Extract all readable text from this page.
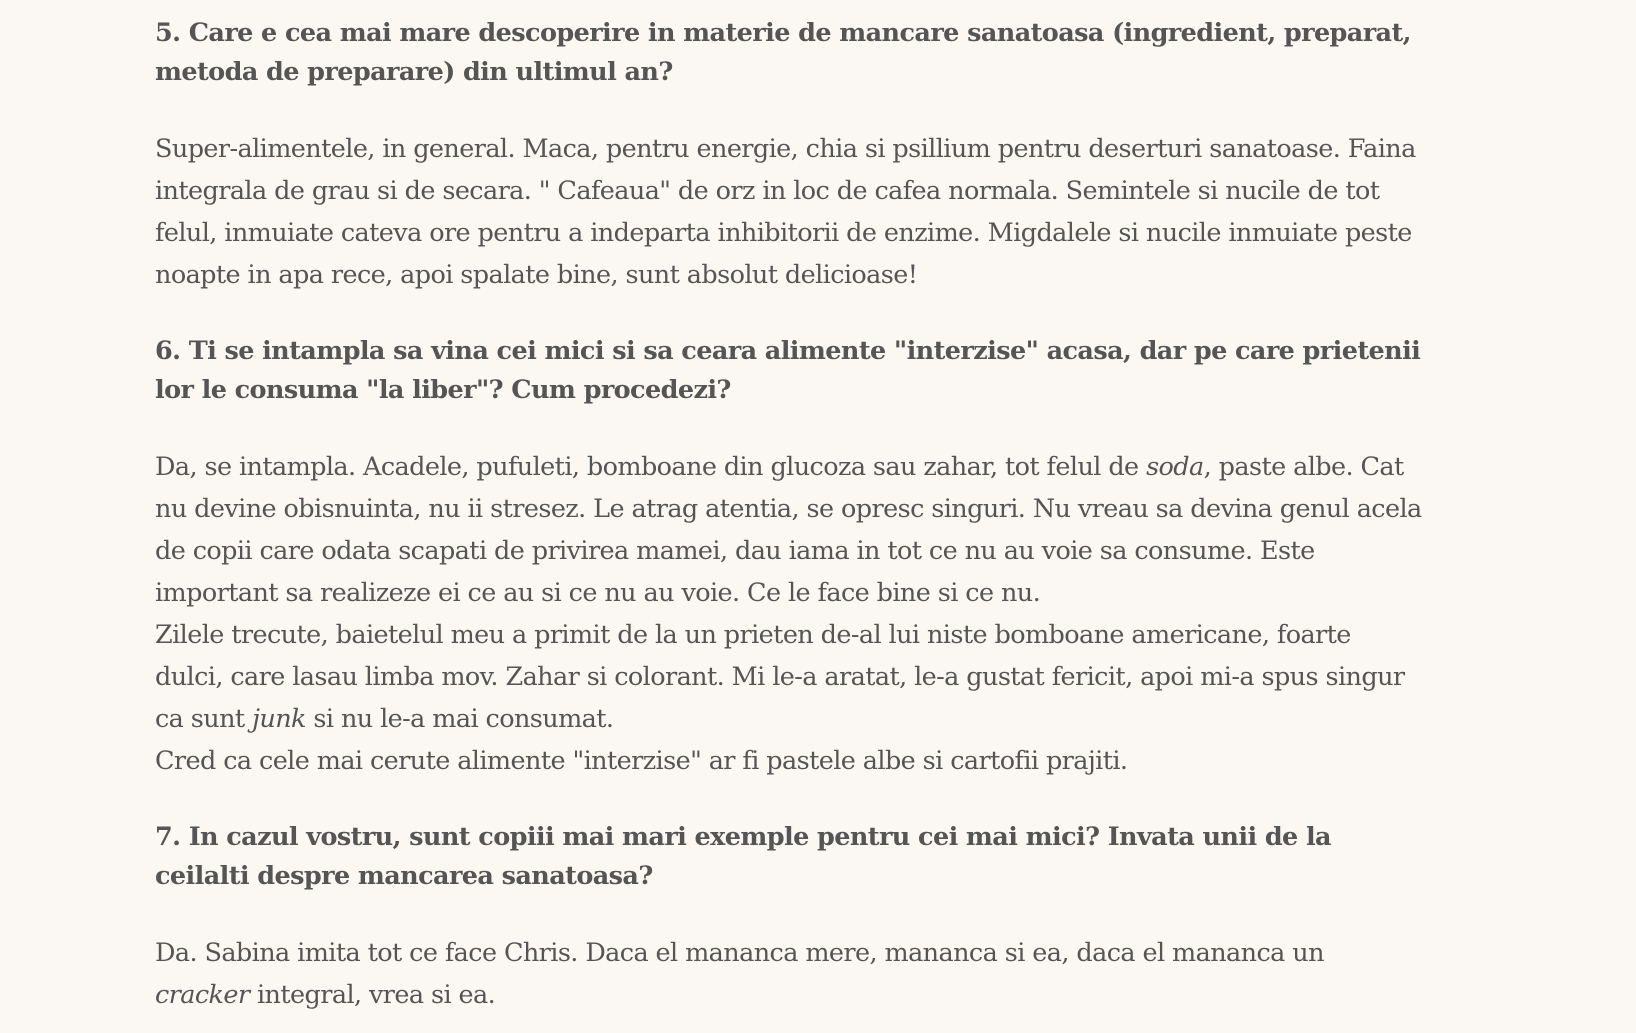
5. Care e cea mai mare descoperire in materie de mancare sanatoasa (ingredient, preparat, metoda de preparare) din ultimul an?

Super-alimentele, in general. Maca, pentru energie, chia si psillium pentru deserturi sanatoase. Faina integrala de grau si de secara. " Cafeaua" de orz in loc de cafea normala. Semintele si nucile de tot felul, inmuiate cateva ore pentru a indeparta inhibitorii de enzime. Migdalele si nucile inmuiate peste noapte in apa rece, apoi spalate bine, sunt absolut delicioase!

6. Ti se intampla sa vina cei mici si sa ceara alimente "interzise" acasa, dar pe care prietenii lor le consuma "la liber"? Cum procedezi?

Da, se intampla. Acadele, pufuleti, bomboane din glucoza sau zahar, tot felul de soda, paste albe. Cat nu devine obisnuinta, nu ii stresez. Le atrag atentia, se opresc singuri. Nu vreau sa devina genul acela de copii care odata scapati de privirea mamei, dau iama in tot ce nu au voie sa consume. Este important sa realizeze ei ce au si ce nu au voie. Ce le face bine si ce nu.

Zilele trecute, baietelul meu a primit de la un prieten de-al lui niste bomboane americane, foarte dulci, care lasau limba mov. Zahar si colorant. Mi le-a aratat, le-a gustat fericit, apoi mi-a spus singur ca sunt junk si nu le-a mai consumat.

Cred ca cele mai cerute alimente "interzise" ar fi pastele albe si cartofii prajiti.

7. In cazul vostru, sunt copiii mai mari exemple pentru cei mai mici? Invata unii de la ceilalti despre mancarea sanatoasa?

Da. Sabina imita tot ce face Chris. Daca el mananca mere, mananca si ea, daca el mananca un cracker integral, vrea si ea.
